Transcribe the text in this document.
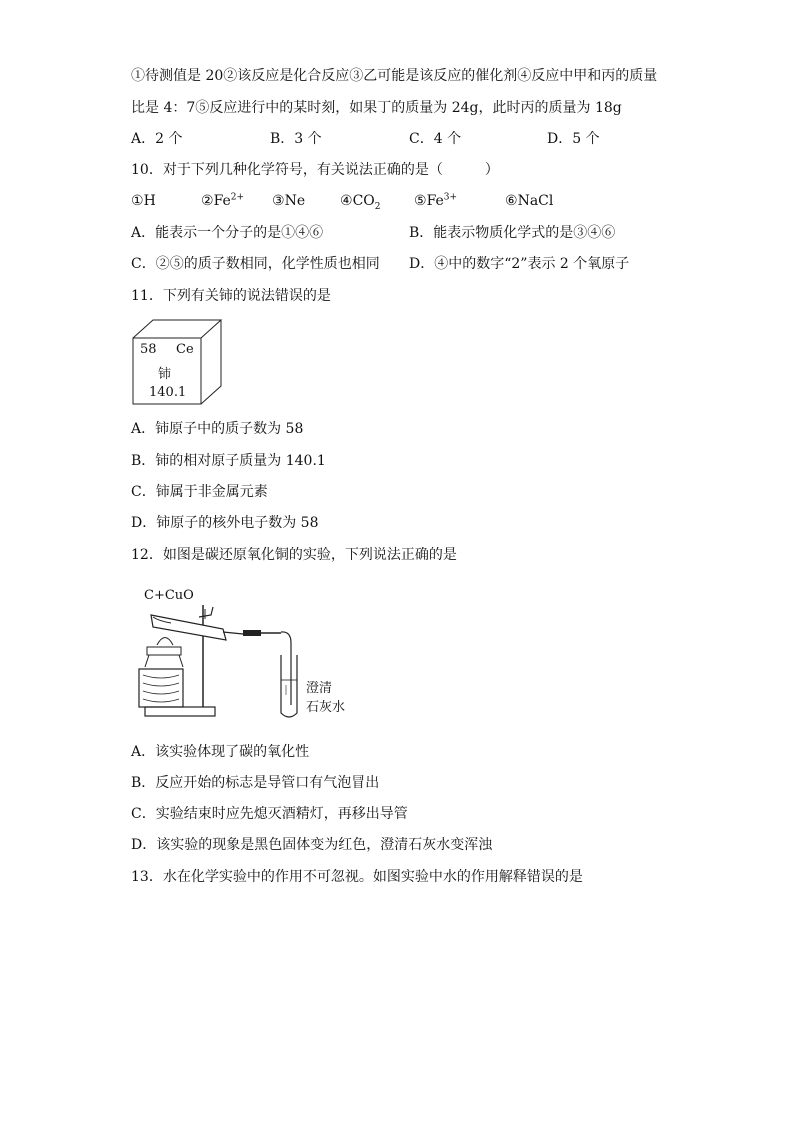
①待测值是 20②该反应是化合反应③乙可能是该反应的催化剂④反应中甲和丙的质量
比是 4：7⑤反应进行中的某时刻，如果丁的质量为 24g，此时丙的质量为 18g
A．2 个	B．3 个	C．4 个	D．5 个
10．对于下列几种化学符号，有关说法正确的是（　　　）
①H	$②Fe^{2+}$ ③Ne $④CO_2$ $⑤Fe^{3+}$	⑥NaCl
A．能表示一个分子的是①④⑥	B．能表示物质化学式的是③④⑥
C．②⑤的质子数相同，化学性质也相同 D．④中的数字“2”表示 2 个氧原子
11．下列有关铈的说法错误的是
58 Ce
铈
140.1
A．铈原子中的质子数为 58
B．铈的相对原子质量为 140.1
C．铈属于非金属元素
D．铈原子的核外电子数为 58
12．如图是碳还原氧化铜的实验，下列说法正确的是
C+CuO
澄清
石灰水
A．该实验体现了碳的氧化性
B．反应开始的标志是导管口有气泡冒出
C．实验结束时应先熄灭酒精灯，再移出导管
D．该实验的现象是黑色固体变为红色，澄清石灰水变浑浊
13．水在化学实验中的作用不可忽视。如图实验中水的作用解释错误的是
